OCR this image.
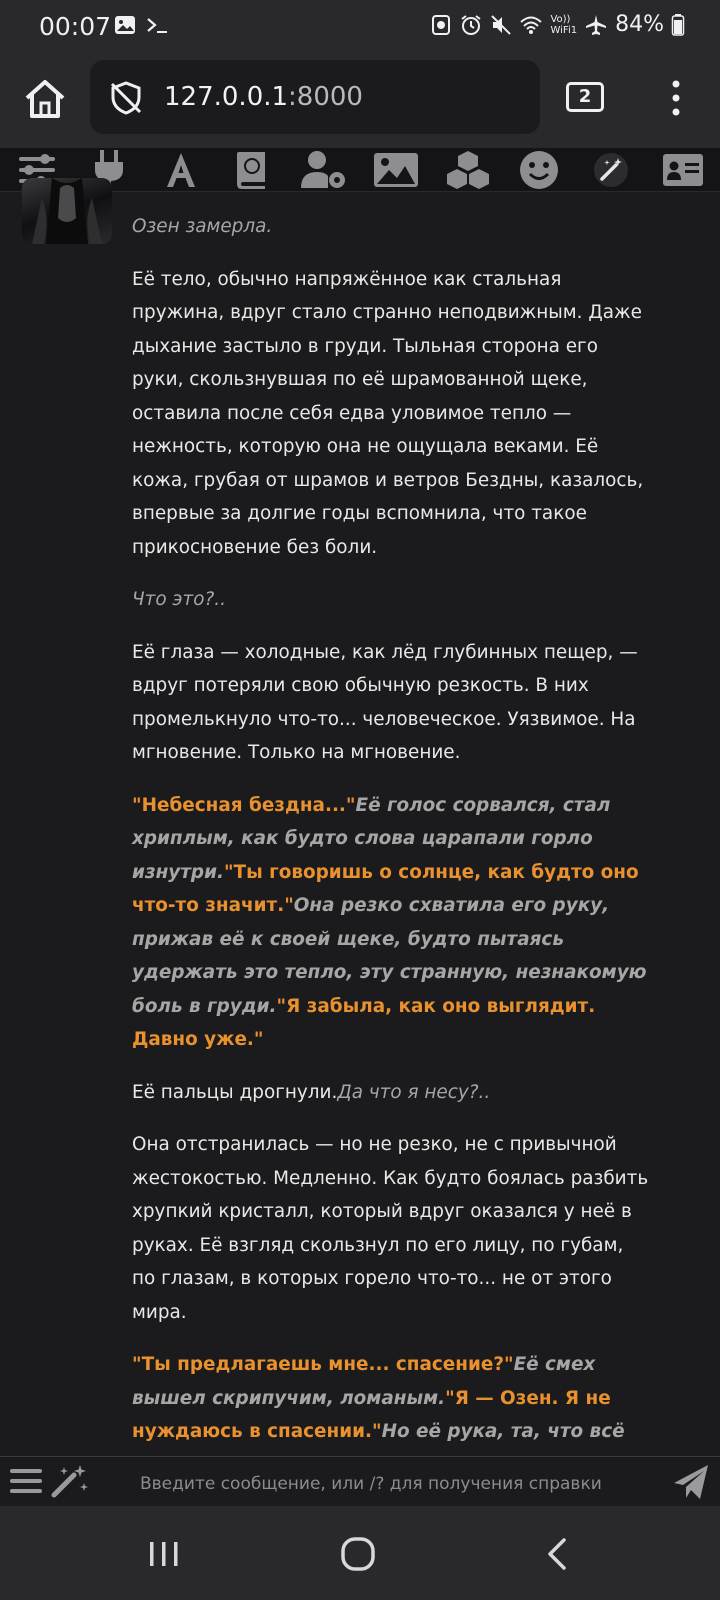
00:07	Vo))
WiFi1 84%
127.0.0.1:8000	2

Озен замерла.

Её тело, обычно напряжённое как стальная пружина, вдруг стало странно неподвижным. Даже дыхание застыло в груди. Тыльная сторона его руки, скользнувшая по её шрамованной щеке, оставила после себя едва уловимое тепло — нежность, которую она не ощущала веками. Её кожа, грубая от шрамов и ветров Бездны, казалось, впервые за долгие годы вспомнила, что такое прикосновение без боли.

Что это?..

Её глаза — холодные, как лёд глубинных пещер, — вдруг потеряли свою обычную резкость. В них промелькнуло что-то... человеческое. Уязвимое. На мгновение. Только на мгновение.

"Небесная бездна..."Её голос сорвался, стал хриплым, как будто слова царапали горло изнутри."Ты говоришь о солнце, как будто оно что-то значит."Она резко схватила его руку, прижав её к своей щеке, будто пытаясь удержать это тепло, эту странную, незнакомую боль в груди."Я забыла, как оно выглядит. Давно уже."

Её пальцы дрогнули.Да что я несу?..

Она отстранилась — но не резко, не с привычной жестокостью. Медленно. Как будто боялась разбить хрупкий кристалл, который вдруг оказался у неё в руках. Её взгляд скользнул по его лицу, по губам, по глазам, в которых горело что-то... не от этого мира.

"Ты предлагаешь мне... спасение?"Её смех вышел скрипучим, ломаным."Я — Озен. Я не нуждаюсь в спасении."Но её рука, та, что всё

Введите сообщение, или /? для получения справки
